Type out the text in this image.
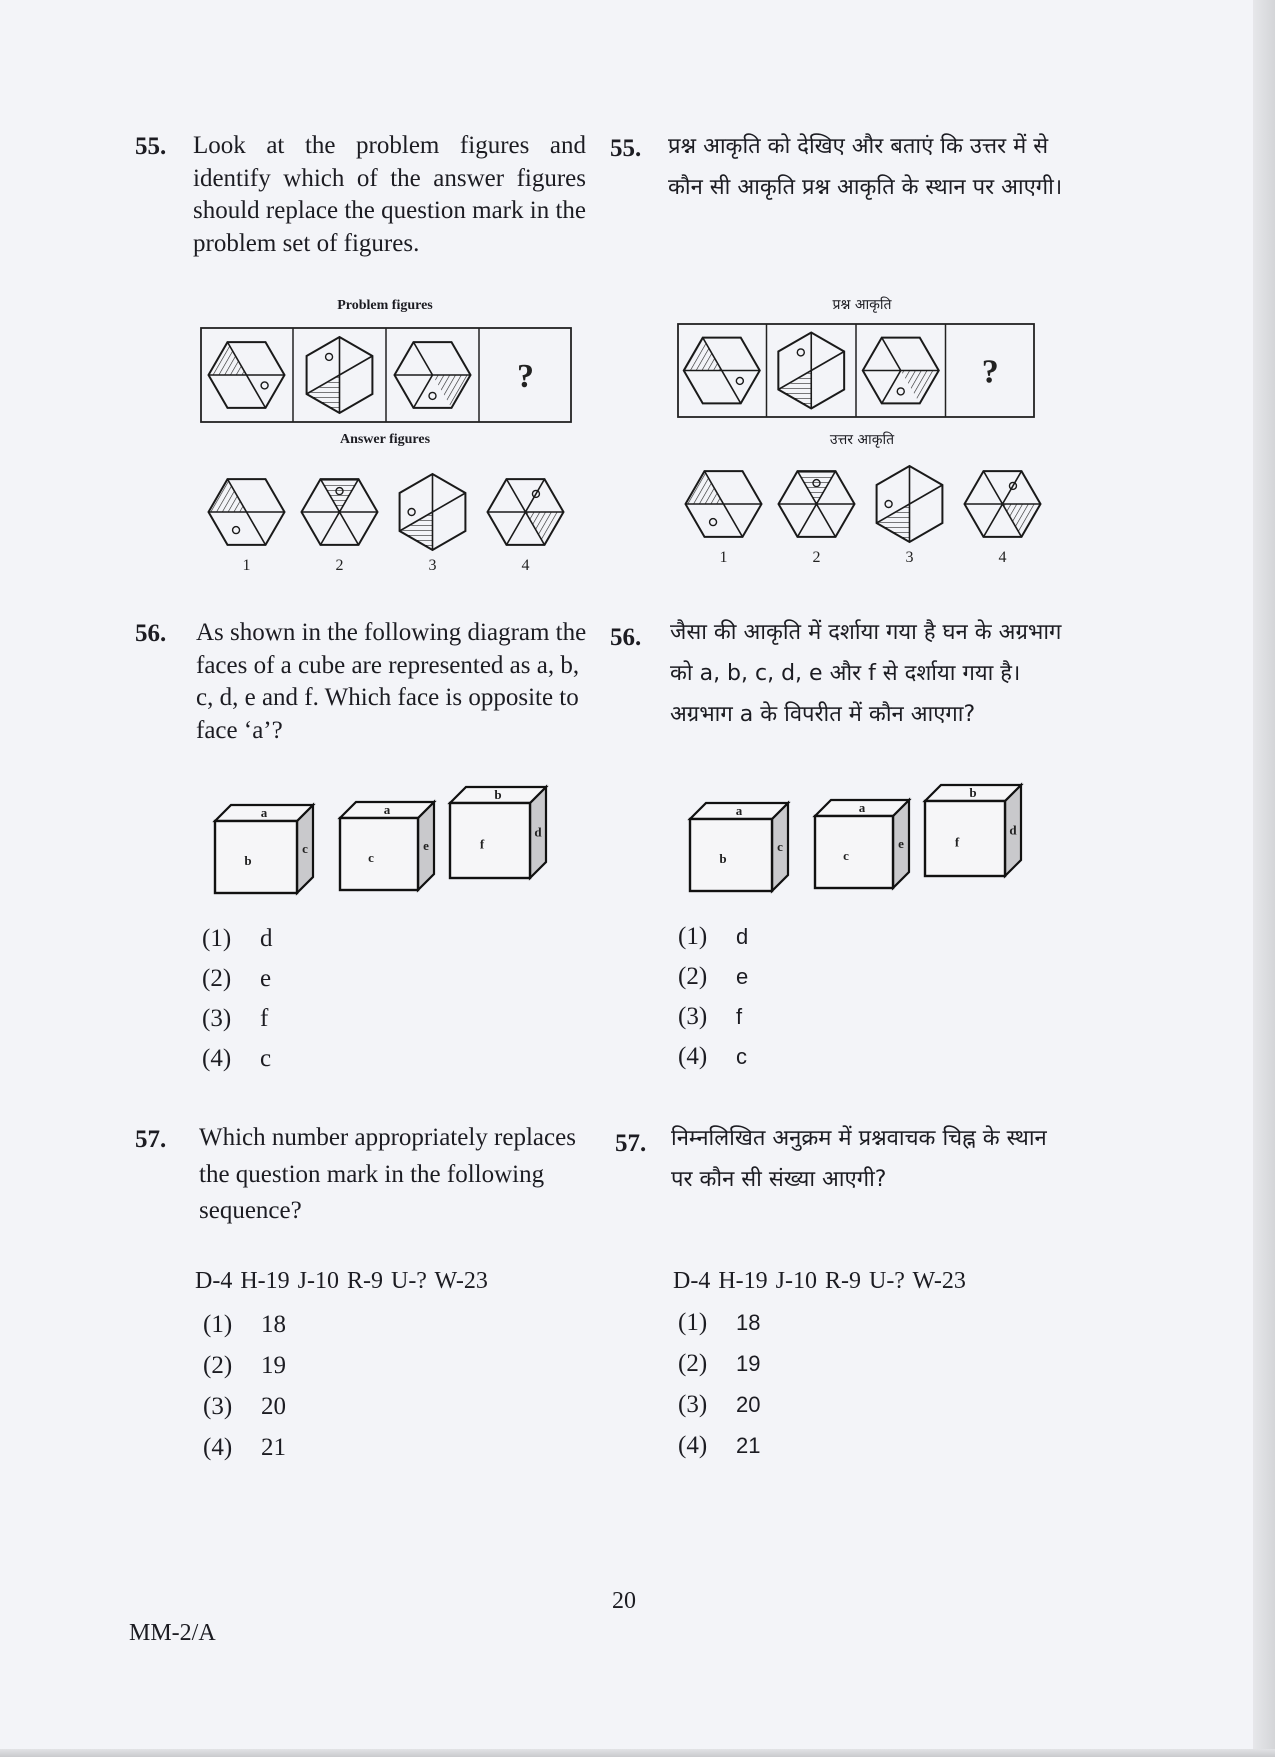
55. Look at the problem figures and identify which of the answer figures should replace the question mark in the problem set of figures.
Problem figures
?
Answer figures
1	2	3	4
55. प्रश्न आकृति को देखिए और बताएं कि उत्तर में से कौन सी आकृति प्रश्न आकृति के स्थान पर आएगी।
प्रश्न आकृति
?
उत्तर आकृति
1	2	3	4
56. As shown in the following diagram the faces of a cube are represented as a, b, c, d, e and f. Which face is opposite to face ‘a’?
a
b
c
a
c
e
b
f
d
(1) d
(2) e
(3) f
(4) c
56. जैसा की आकृति में दर्शाया गया है घन के अग्रभाग को a, b, c, d, e और f से दर्शाया गया है। अग्रभाग a के विपरीत में कौन आएगा?
a
b
c
a
c
e
b
f
d
(1) d
(2) e
(3) f
(4) c
57. Which number appropriately replaces the question mark in the following sequence?
D-4 H-19 J-10 R-9 U-? W-23
(1) 18
(2) 19
(3) 20
(4) 21
57. निम्नलिखित अनुक्रम में प्रश्नवाचक चिह्न के स्थान पर कौन सी संख्या आएगी?
D-4 H-19 J-10 R-9 U-? W-23
(1) 18
(2) 19
(3) 20
(4) 21
20
MM-2/A
